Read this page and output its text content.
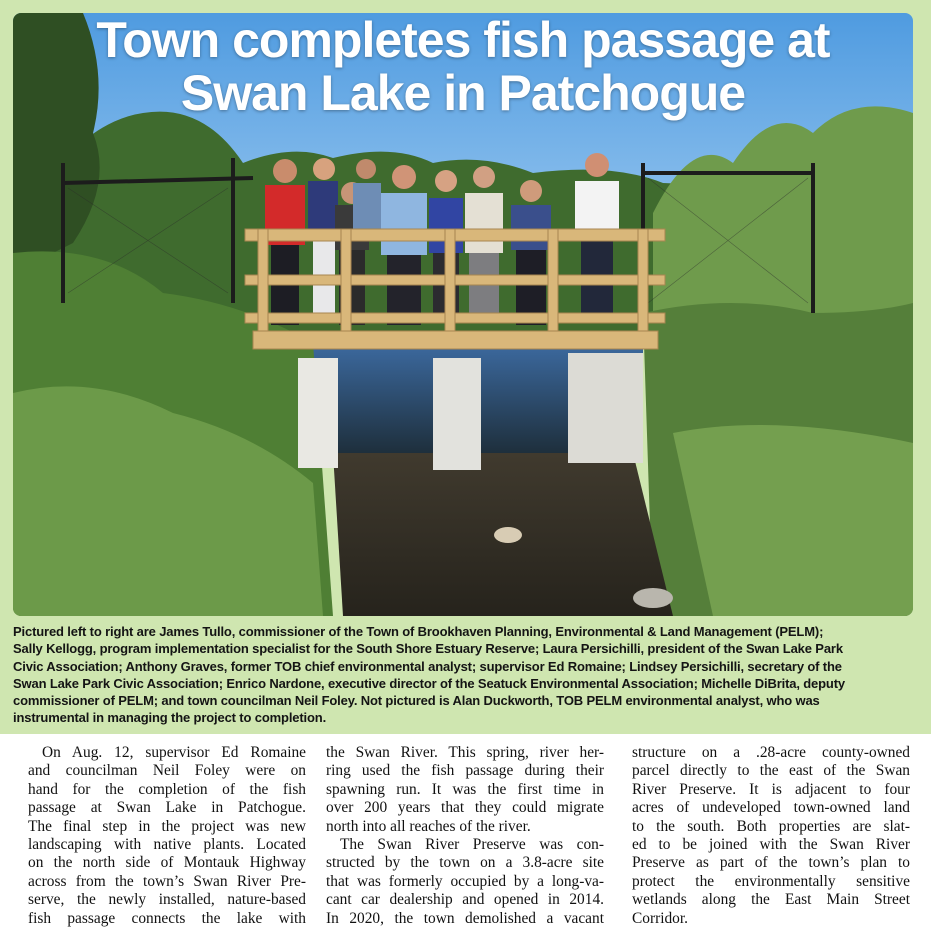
Town completes fish passage at
Swan Lake in Patchogue
Pictured left to right are James Tullo, commissioner of the Town of Brookhaven Planning, Environmental & Land Management (PELM);
Sally Kellogg, program implementation specialist for the South Shore Estuary Reserve; Laura Persichilli, president of the Swan Lake Park
Civic Association; Anthony Graves, former TOB chief environmental analyst; supervisor Ed Romaine; Lindsey Persichilli, secretary of the
Swan Lake Park Civic Association; Enrico Nardone, executive director of the Seatuck Environmental Association; Michelle DiBrita, deputy
commissioner of PELM; and town councilman Neil Foley. Not pictured is Alan Duckworth, TOB PELM environmental analyst, who was
instrumental in managing the project to completion.
On Aug. 12, supervisor Ed Romaine
and councilman Neil Foley were on
hand for the completion of the fish
passage at Swan Lake in Patchogue.
The final step in the project was new
landscaping with native plants. Located
on the north side of Montauk Highway
across from the town’s Swan River Pre-
serve, the newly installed, nature-based
fish passage connects the lake with
the Swan River. This spring, river her-
ring used the fish passage during their
spawning run. It was the first time in
over 200 years that they could migrate
north into all reaches of the river.
The Swan River Preserve was con-
structed by the town on a 3.8-acre site
that was formerly occupied by a long-va-
cant car dealership and opened in 2014.
In 2020, the town demolished a vacant
structure on a .28-acre county-owned
parcel directly to the east of the Swan
River Preserve. It is adjacent to four
acres of undeveloped town-owned land
to the south. Both properties are slat-
ed to be joined with the Swan River
Preserve as part of the town’s plan to
protect the environmentally sensitive
wetlands along the East Main Street
Corridor.
